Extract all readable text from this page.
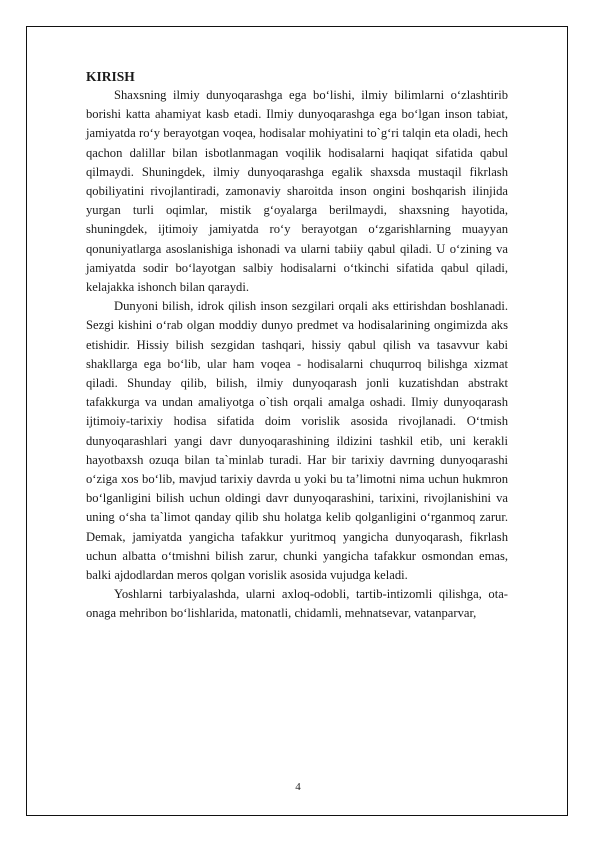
KIRISH

Shaxsning ilmiy dunyoqarashga ega bo‘lishi, ilmiy bilimlarni o‘zlashtirib borishi katta ahamiyat kasb etadi. Ilmiy dunyoqarashga ega bo‘lgan inson tabiat, jamiyatda ro‘y berayotgan voqea, hodisalar mohiyatini to`g‘ri talqin eta oladi, hech qachon dalillar bilan isbotlanmagan voqilik hodisalarni haqiqat sifatida qabul qilmaydi. Shuningdek, ilmiy dunyoqarashga egalik shaxsda mustaqil fikrlash qobiliyatini rivojlantiradi, zamonaviy sharoitda inson ongini boshqarish ilinjida yurgan turli oqimlar, mistik g‘oyalarga berilmaydi, shaxsning hayotida, shuningdek, ijtimoiy jamiyatda ro‘y berayotgan o‘zgarishlarning muayyan qonuniyatlarga asoslanishiga ishonadi va ularni tabiiy qabul qiladi. U o‘zining va jamiyatda sodir bo‘layotgan salbiy hodisalarni o‘tkinchi sifatida qabul qiladi, kelajakka ishonch bilan qaraydi.

Dunyoni bilish, idrok qilish inson sezgilari orqali aks ettirishdan boshlanadi. Sezgi kishini o‘rab olgan moddiy dunyo predmet va hodisalarining ongimizda aks etishidir. Hissiy bilish sezgidan tashqari, hissiy qabul qilish va tasavvur kabi shakllarga ega bo‘lib, ular ham voqea - hodisalarni chuqurroq bilishga xizmat qiladi. Shunday qilib, bilish, ilmiy dunyoqarash jonli kuzatishdan abstrakt tafakkurga va undan amaliyotga o`tish orqali amalga oshadi. Ilmiy dunyoqarash ijtimoiy-tarixiy hodisa sifatida doim vorislik asosida rivojlanadi. O‘tmish dunyoqarashlari yangi davr dunyoqarashining ildizini tashkil etib, uni kerakli hayotbaxsh ozuqa bilan ta`minlab turadi. Har bir tarixiy davrning dunyoqarashi o‘ziga xos bo‘lib, mavjud tarixiy davrda u yoki bu ta’limotni nima uchun hukmron bo‘lganligini bilish uchun oldingi davr dunyoqarashini, tarixini, rivojlanishini va uning o‘sha ta`limot qanday qilib shu holatga kelib qolganligini o‘rganmoq zarur. Demak, jamiyatda yangicha tafakkur yuritmoq yangicha dunyoqarash, fikrlash uchun albatta o‘tmishni bilish zarur, chunki yangicha tafakkur osmondan emas, balki ajdodlardan meros qolgan vorislik asosida vujudga keladi.

Yoshlarni tarbiyalashda, ularni axloq-odobli, tartib-intizomli qilishga, ota-onaga mehribon bo‘lishlarida, matonatli, chidamli, mehnatsevar, vatanparvar,

4
